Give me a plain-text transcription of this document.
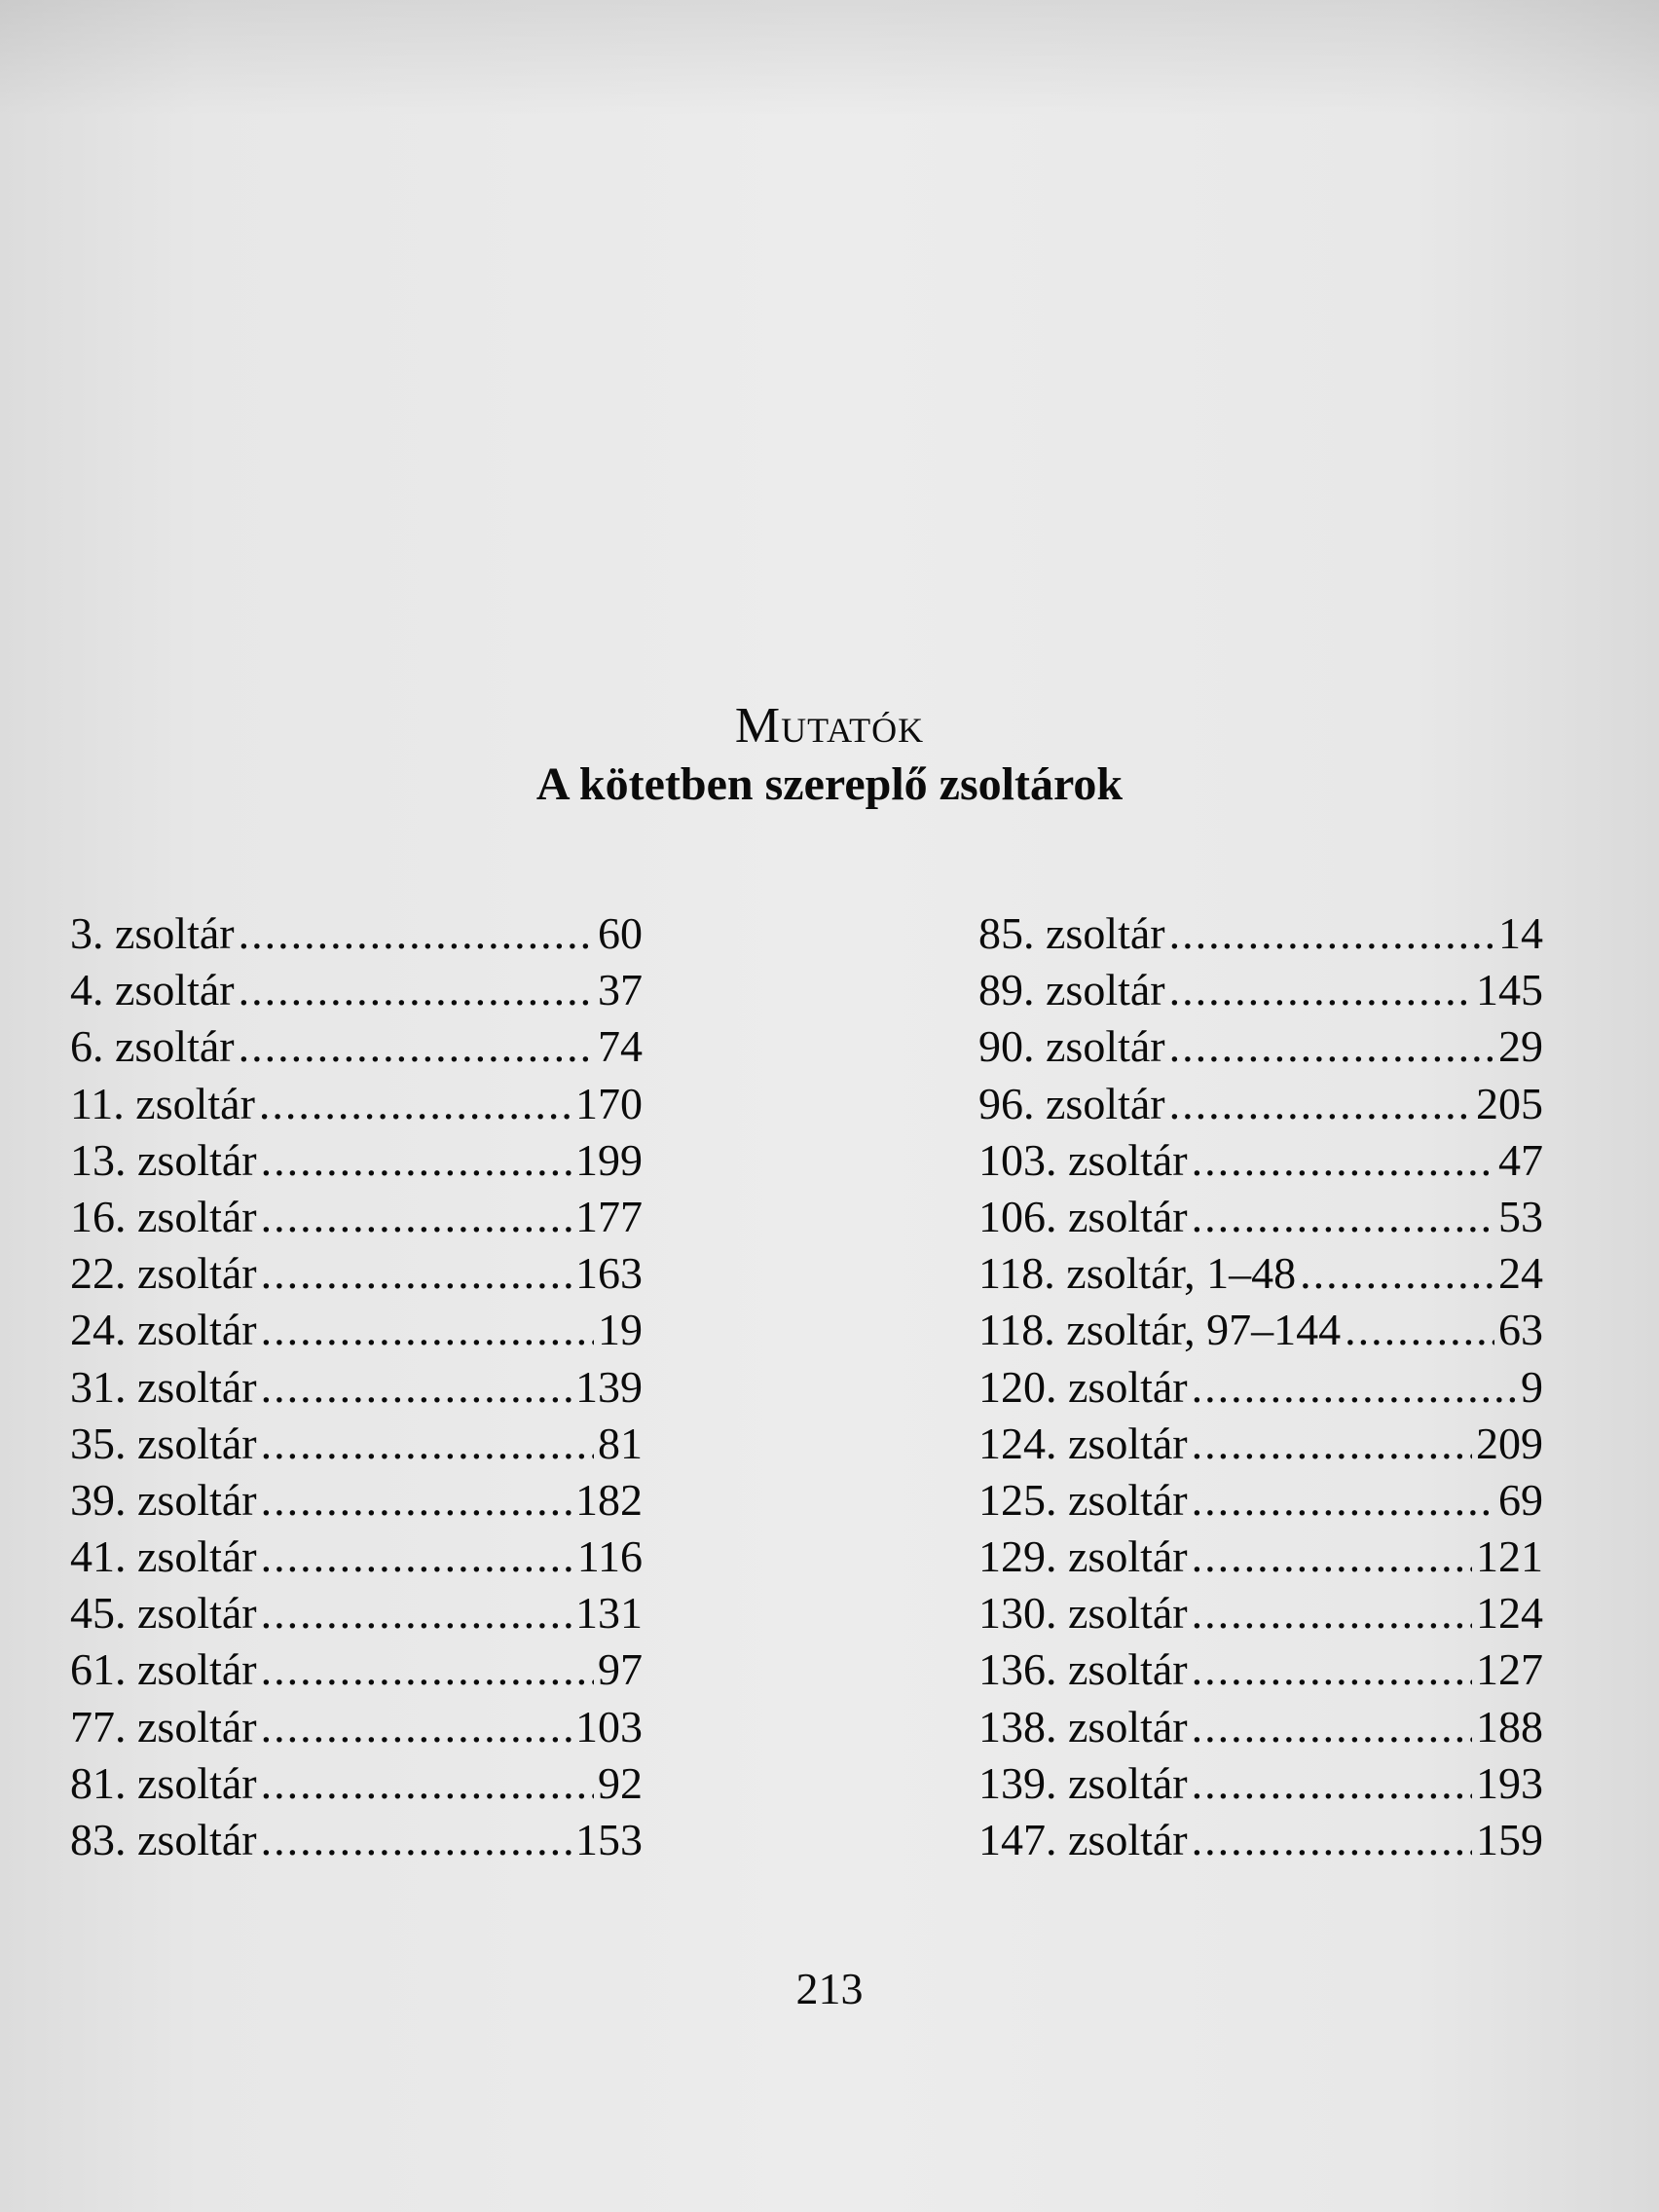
Mutatók
A kötetben szereplő zsoltárok
3. zsoltár .....	60
4. zsoltár .....	37
6. zsoltár .....	74
11. zsoltár .....	170
13. zsoltár .....	199
16. zsoltár .....	177
22. zsoltár .....	163
24. zsoltár .....	19
31. zsoltár .....	139
35. zsoltár .....	81
39. zsoltár .....	182
41. zsoltár .....	116
45. zsoltár .....	131
61. zsoltár .....	97
77. zsoltár .....	103
81. zsoltár .....	92
83. zsoltár .....	153
85. zsoltár .....	14
89. zsoltár .....	145
90. zsoltár .....	29
96. zsoltár .....	205
103. zsoltár .....	47
106. zsoltár .....	53
118. zsoltár, 1–48 .....	24
118. zsoltár, 97–144 .....	63
120. zsoltár .....	9
124. zsoltár .....	209
125. zsoltár .....	69
129. zsoltár .....	121
130. zsoltár .....	124
136. zsoltár .....	127
138. zsoltár .....	188
139. zsoltár .....	193
147. zsoltár .....	159
213
